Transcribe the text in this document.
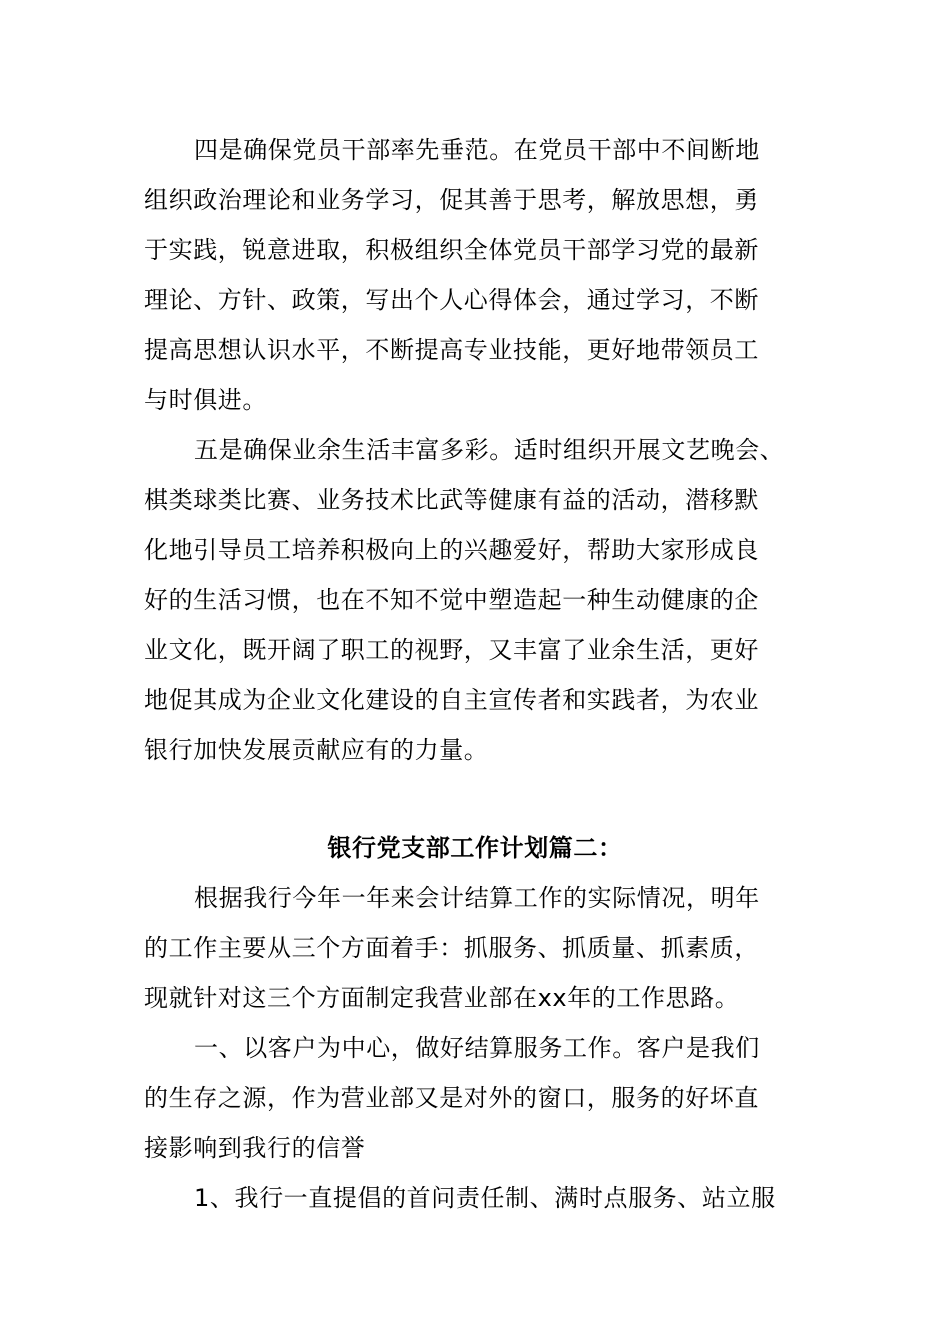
四是确保党员干部率先垂范。在党员干部中不间断地
组织政治理论和业务学习，促其善于思考，解放思想，勇
于实践，锐意进取，积极组织全体党员干部学习党的最新
理论、方针、政策，写出个人心得体会，通过学习，不断
提高思想认识水平，不断提高专业技能，更好地带领员工
与时俱进。
五是确保业余生活丰富多彩。适时组织开展文艺晚会、
棋类球类比赛、业务技术比武等健康有益的活动，潜移默
化地引导员工培养积极向上的兴趣爱好，帮助大家形成良
好的生活习惯，也在不知不觉中塑造起一种生动健康的企
业文化，既开阔了职工的视野，又丰富了业余生活，更好
地促其成为企业文化建设的自主宣传者和实践者，为农业
银行加快发展贡献应有的力量。
银行党支部工作计划篇二：
根据我行今年一年来会计结算工作的实际情况，明年
的工作主要从三个方面着手：抓服务、抓质量、抓素质，
现就针对这三个方面制定我营业部在xx年的工作思路。
一、以客户为中心，做好结算服务工作。客户是我们
的生存之源，作为营业部又是对外的窗口，服务的好坏直
接影响到我行的信誉
1、我行一直提倡的首问责任制、满时点服务、站立服
